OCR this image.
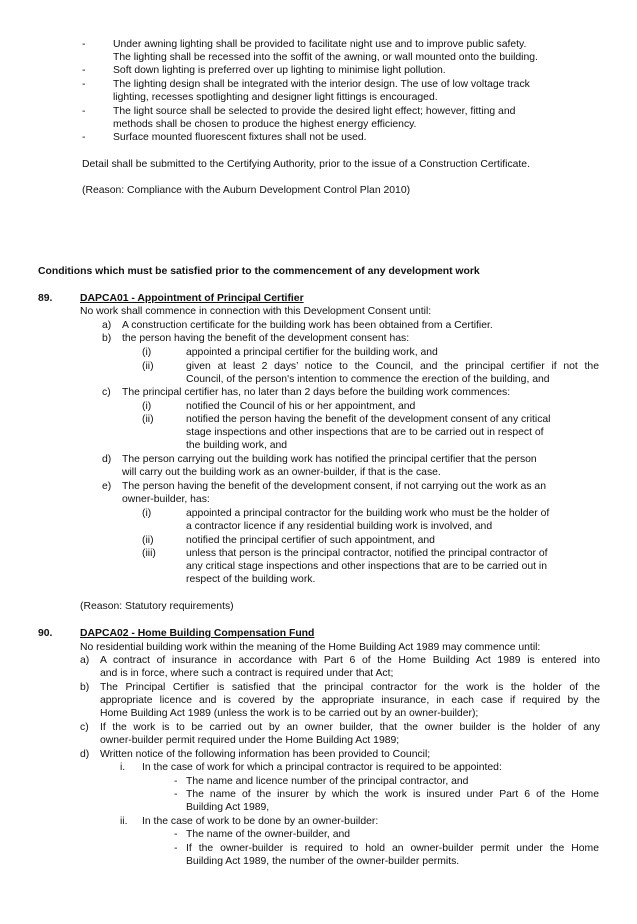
-	Under awning lighting shall be provided to facilitate night use and to improve public safety.
The lighting shall be recessed into the soffit of the awning, or wall mounted onto the building.
-	Soft down lighting is preferred over up lighting to minimise light pollution.
-	The lighting design shall be integrated with the interior design. The use of low voltage track
lighting, recesses spotlighting and designer light fittings is encouraged.
-	The light source shall be selected to provide the desired light effect; however, fitting and
methods shall be chosen to produce the highest energy efficiency.
-	Surface mounted fluorescent fixtures shall not be used.
Detail shall be submitted to the Certifying Authority, prior to the issue of a Construction Certificate.
(Reason: Compliance with the Auburn Development Control Plan 2010)
Conditions which must be satisfied prior to the commencement of any development work
89.	DAPCA01 - Appointment of Principal Certifier
No work shall commence in connection with this Development Consent until:
a) A construction certificate for the building work has been obtained from a Certifier.
b) the person having the benefit of the development consent has:
(i)	appointed a principal certifier for the building work, and
(ii)	given at least 2 days’ notice to the Council, and the principal certifier if not the
Council, of the person's intention to commence the erection of the building, and
c) The principal certifier has, no later than 2 days before the building work commences:
(i)	notified the Council of his or her appointment, and
(ii)	notified the person having the benefit of the development consent of any critical
stage inspections and other inspections that are to be carried out in respect of
the building work, and
d) The person carrying out the building work has notified the principal certifier that the person
will carry out the building work as an owner-builder, if that is the case.
e) The person having the benefit of the development consent, if not carrying out the work as an
owner-builder, has:
(i)	appointed a principal contractor for the building work who must be the holder of
a contractor licence if any residential building work is involved, and
(ii)	notified the principal certifier of such appointment, and
(iii)	unless that person is the principal contractor, notified the principal contractor of
any critical stage inspections and other inspections that are to be carried out in
respect of the building work.
(Reason: Statutory requirements)
90.	DAPCA02 - Home Building Compensation Fund
No residential building work within the meaning of the Home Building Act 1989 may commence until:
a) A contract of insurance in accordance with Part 6 of the Home Building Act 1989 is entered into
and is in force, where such a contract is required under that Act;
b) The Principal Certifier is satisfied that the principal contractor for the work is the holder of the
appropriate licence and is covered by the appropriate insurance, in each case if required by the
Home Building Act 1989 (unless the work is to be carried out by an owner-builder);
c) If the work is to be carried out by an owner builder, that the owner builder is the holder of any
owner-builder permit required under the Home Building Act 1989;
d) Written notice of the following information has been provided to Council;
i. In the case of work for which a principal contractor is required to be appointed:
- The name and licence number of the principal contractor, and
- The name of the insurer by which the work is insured under Part 6 of the Home
Building Act 1989,
ii. In the case of work to be done by an owner-builder:
- The name of the owner-builder, and
- If the owner-builder is required to hold an owner-builder permit under the Home
Building Act 1989, the number of the owner-builder permits.
